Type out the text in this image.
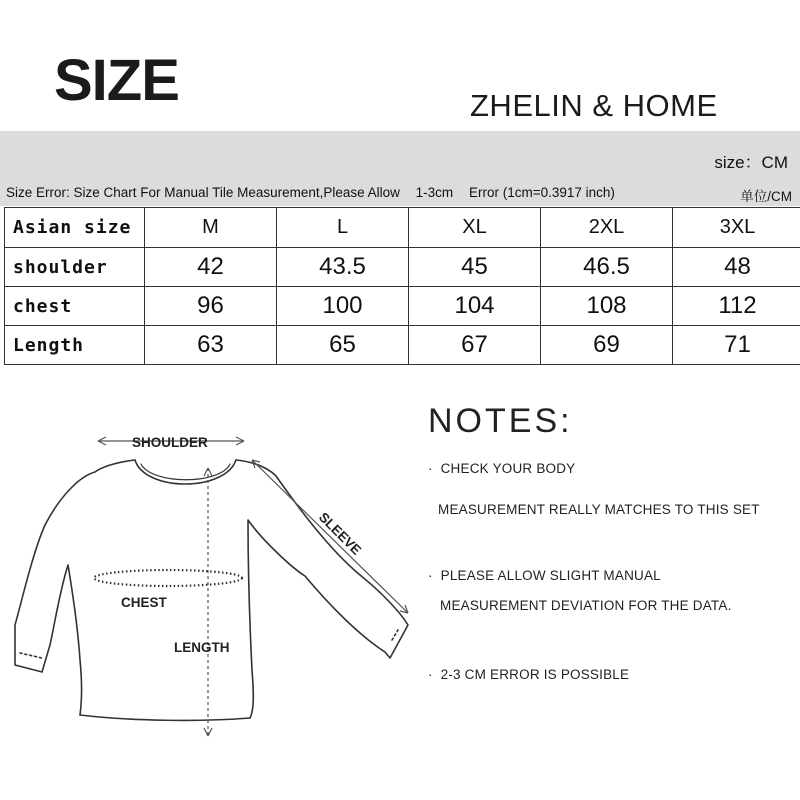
SIZE	ZHELIN & HOME
size：CM
Size Error: Size Chart For Manual Tile Measurement,Please Allow 1-3cm Error (1cm=0.3917 inch)	单位/CM
Asian size	M	L	XL	2XL	3XL
shoulder	42	43.5	45	46.5	48
chest	96	100	104	108	112
Length	63	65	67	69	71
SHOULDER
SLEEVE
CHEST
LENGTH
NOTES:
· CHECK YOUR BODY
MEASUREMENT REALLY MATCHES TO THIS SET
· PLEASE ALLOW SLIGHT MANUAL
MEASUREMENT DEVIATION FOR THE DATA.
· 2-3 CM ERROR IS POSSIBLE
